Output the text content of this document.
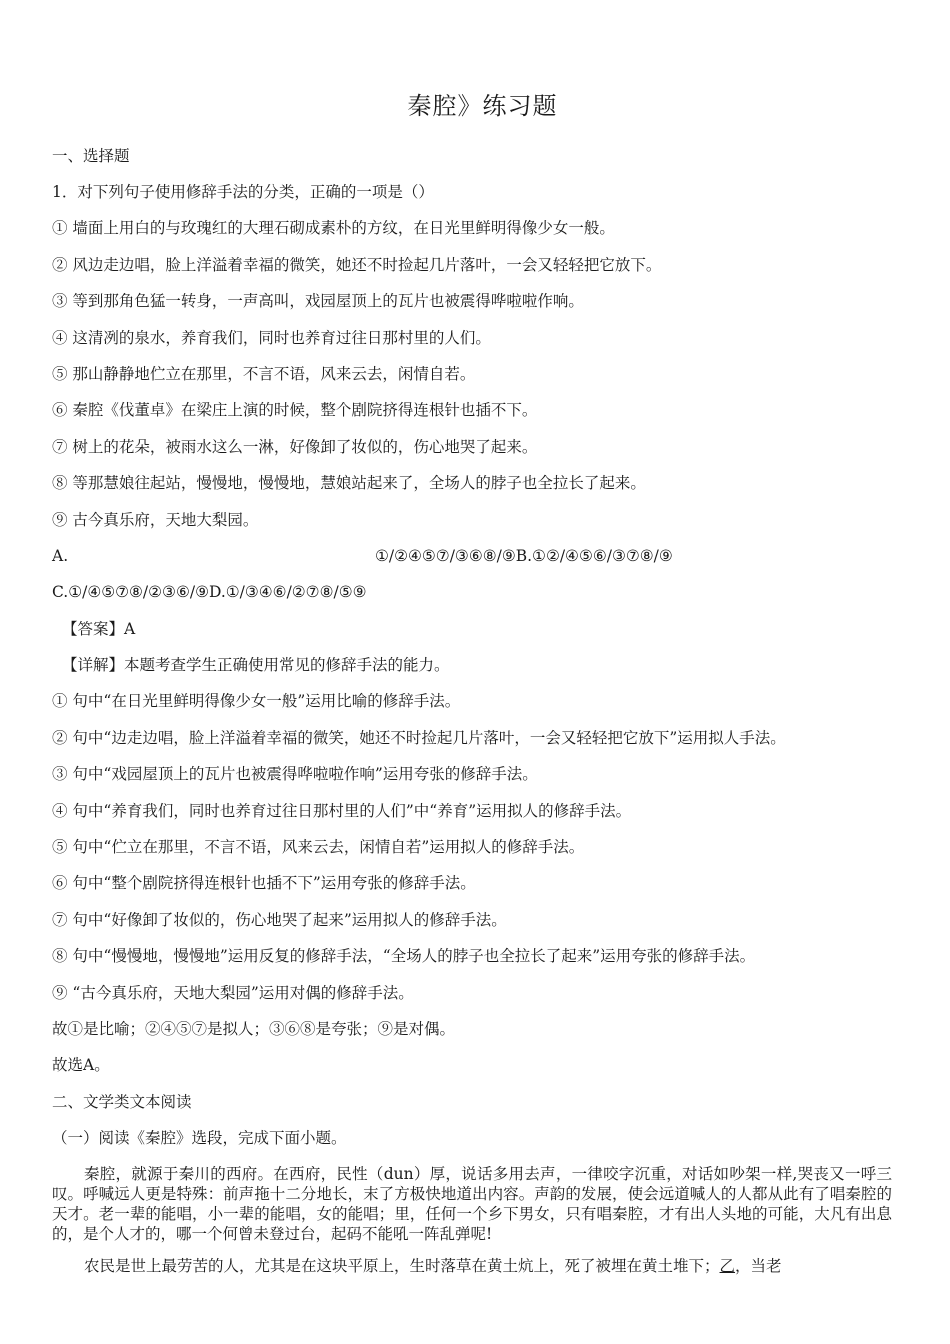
秦腔》练习题
一、选择题
1．对下列句子使用修辞手法的分类，正确的一项是（）
① 墙面上用白的与玫瑰红的大理石砌成素朴的方纹，在日光里鲜明得像少女一般。
② 风边走边唱，脸上洋溢着幸福的微笑，她还不时捡起几片落叶，一会又轻轻把它放下。
③ 等到那角色猛一转身，一声高叫，戏园屋顶上的瓦片也被震得哗啦啦作响。
④ 这清冽的泉水，养育我们，同时也养育过往日那村里的人们。
⑤ 那山静静地伫立在那里，不言不语，风来云去，闲情自若。
⑥ 秦腔《伐董卓》在梁庄上演的时候，整个剧院挤得连根针也插不下。
⑦ 树上的花朵，被雨水这么一淋，好像卸了妆似的，伤心地哭了起来。
⑧ 等那慧娘往起站，慢慢地，慢慢地，慧娘站起来了，全场人的脖子也全拉长了起来。
⑨ 古今真乐府，天地大梨园。
A.	①/②④⑤⑦/③⑥⑧/⑨B.①②/④⑤⑥/③⑦⑧/⑨
C.①/④⑤⑦⑧/②③⑥/⑨D.①/③④⑥/②⑦⑧/⑤⑨
【答案】A
【详解】本题考查学生正确使用常见的修辞手法的能力。
① 句中“在日光里鲜明得像少女一般”运用比喻的修辞手法。
② 句中“边走边唱，脸上洋溢着幸福的微笑，她还不时捡起几片落叶，一会又轻轻把它放下”运用拟人手法。
③ 句中“戏园屋顶上的瓦片也被震得哗啦啦作响”运用夸张的修辞手法。
④ 句中“养育我们，同时也养育过往日那村里的人们”中“养育”运用拟人的修辞手法。
⑤ 句中“伫立在那里，不言不语，风来云去，闲情自若”运用拟人的修辞手法。
⑥ 句中“整个剧院挤得连根针也插不下”运用夸张的修辞手法。
⑦ 句中“好像卸了妆似的，伤心地哭了起来”运用拟人的修辞手法。
⑧ 句中“慢慢地，慢慢地”运用反复的修辞手法，“全场人的脖子也全拉长了起来”运用夸张的修辞手法。
⑨ “古今真乐府，天地大梨园”运用对偶的修辞手法。
故①是比喻；②④⑤⑦是拟人；③⑥⑧是夸张；⑨是对偶。
故选A。
二、文学类文本阅读
（一）阅读《秦腔》选段，完成下面小题。
秦腔，就源于秦川的西府。在西府，民性（dun）厚，说话多用去声，一律咬字沉重，对话如吵架一样,哭丧又一呼三叹。呼喊远人更是特殊：前声拖十二分地长，末了方极快地道出内容。声韵的发展，使会远道喊人的人都从此有了唱秦腔的天才。老一辈的能唱，小一辈的能唱，女的能唱；里，任何一个乡下男女，只有唱秦腔，才有出人头地的可能，大凡有出息的，是个人才的，哪一个何曾未登过台，起码不能吼一阵乱弹呢!
农民是世上最劳苦的人，尤其是在这块平原上，生时落草在黄土炕上，死了被埋在黄土堆下；乙，当老
